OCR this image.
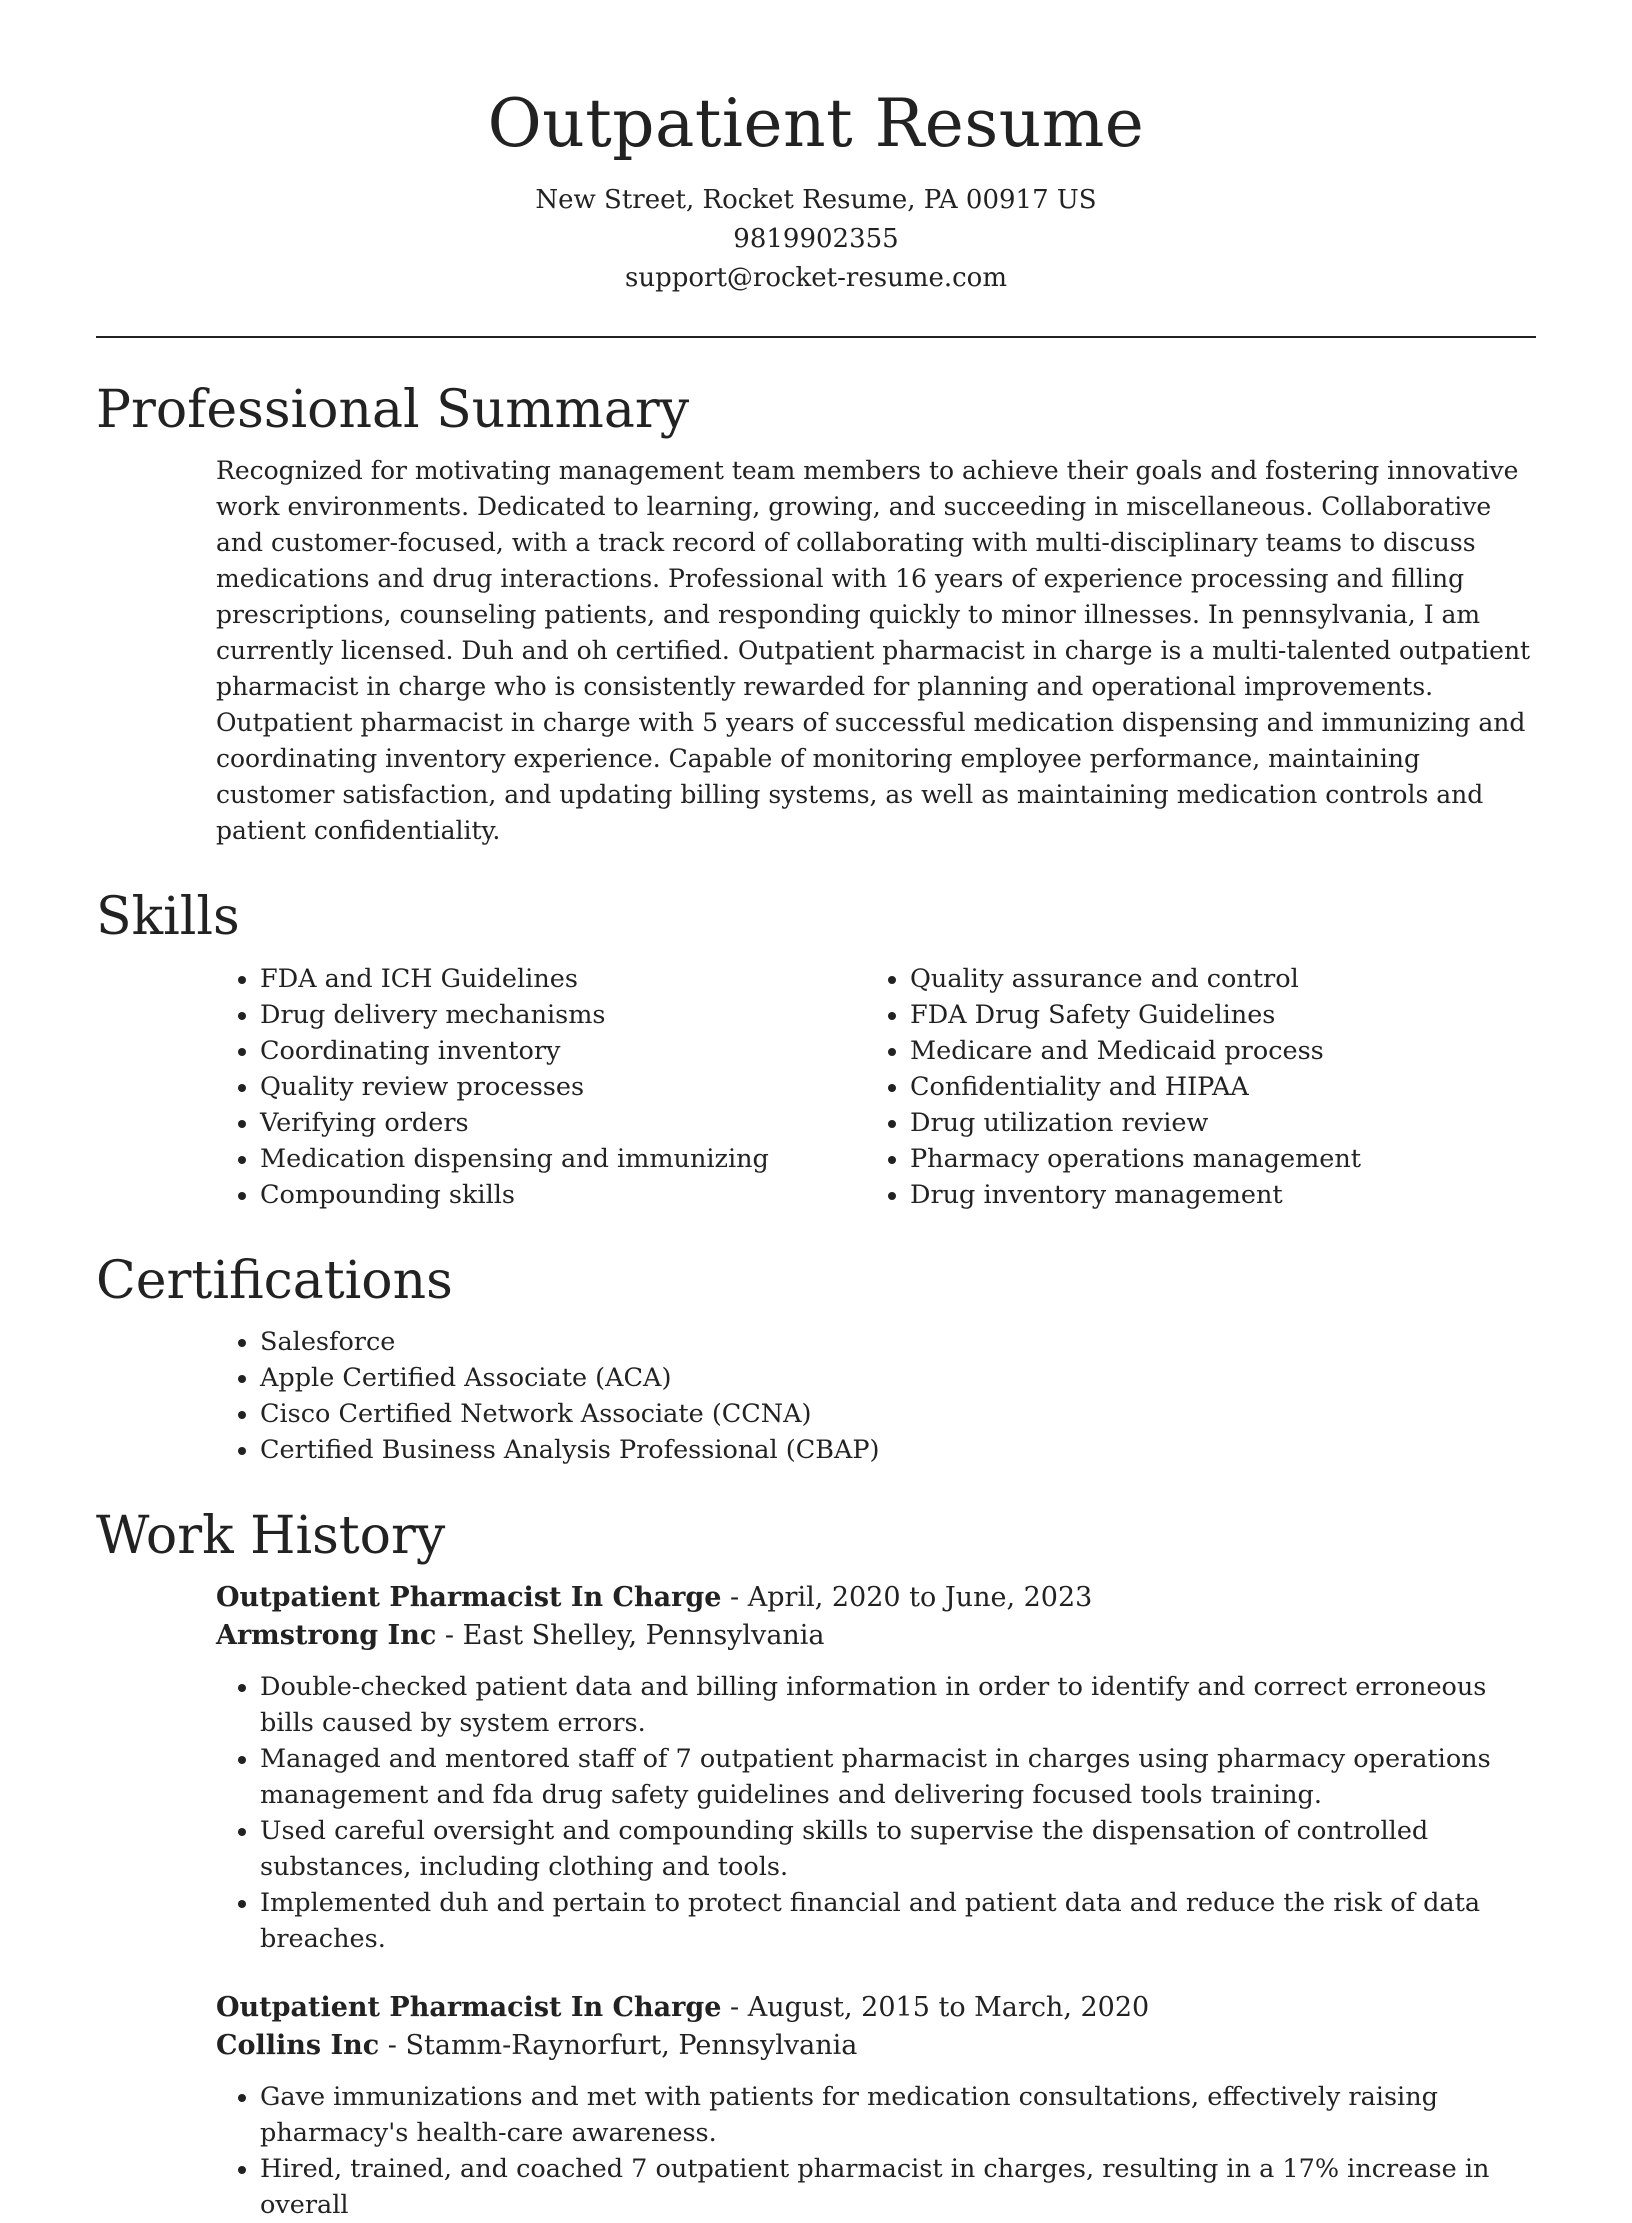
Outpatient Resume
New Street, Rocket Resume, PA 00917 US
9819902355
support@rocket-resume.com
Professional Summary

Recognized for motivating management team members to achieve their goals and fostering innovative work environments. Dedicated to learning, growing, and succeeding in miscellaneous. Collaborative and customer-focused, with a track record of collaborating with multi-disciplinary teams to discuss medications and drug interactions. Professional with 16 years of experience processing and filling prescriptions, counseling patients, and responding quickly to minor illnesses. In pennsylvania, I am currently licensed. Duh and oh certified. Outpatient pharmacist in charge is a multi-talented outpatient pharmacist in charge who is consistently rewarded for planning and operational improvements. Outpatient pharmacist in charge with 5 years of successful medication dispensing and immunizing and coordinating inventory experience. Capable of monitoring employee performance, maintaining customer satisfaction, and updating billing systems, as well as maintaining medication controls and patient confidentiality.

Skills
• FDA and ICH Guidelines
• Drug delivery mechanisms
• Coordinating inventory
• Quality review processes
• Verifying orders
• Medication dispensing and immunizing
• Compounding skills
• Quality assurance and control
• FDA Drug Safety Guidelines
• Medicare and Medicaid process
• Confidentiality and HIPAA
• Drug utilization review
• Pharmacy operations management
• Drug inventory management
Certifications
• Salesforce
• Apple Certified Associate (ACA)
• Cisco Certified Network Associate (CCNA)
• Certified Business Analysis Professional (CBAP)
Work History
Outpatient Pharmacist In Charge - April, 2020 to June, 2023
Armstrong Inc - East Shelley, Pennsylvania
• Double-checked patient data and billing information in order to identify and correct erroneous bills caused by system errors.
• Managed and mentored staff of 7 outpatient pharmacist in charges using pharmacy operations management and fda drug safety guidelines and delivering focused tools training.
• Used careful oversight and compounding skills to supervise the dispensation of controlled substances, including clothing and tools.
• Implemented duh and pertain to protect financial and patient data and reduce the risk of data breaches.
Outpatient Pharmacist In Charge - August, 2015 to March, 2020
Collins Inc - Stamm-Raynorfurt, Pennsylvania
• Gave immunizations and met with patients for medication consultations, effectively raising pharmacy's health-care awareness.
• Hired, trained, and coached 7 outpatient pharmacist in charges, resulting in a 17% increase in overall
